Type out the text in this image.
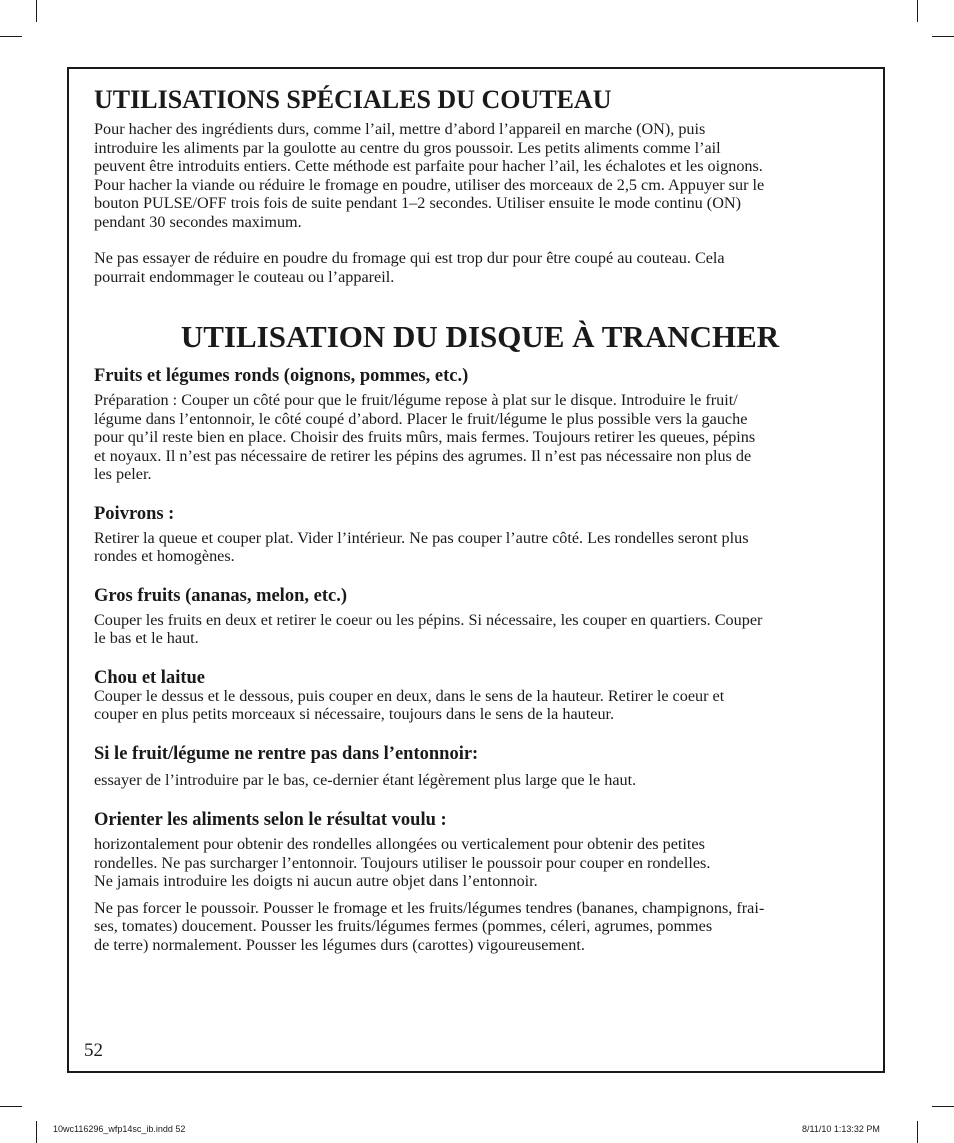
UTILISATIONS SPÉCIALES DU COUTEAU

Pour hacher des ingrédients durs, comme l’ail, mettre d’abord l’appareil en marche (ON), puis
introduire les aliments par la goulotte au centre du gros poussoir. Les petits aliments comme l’ail
peuvent être introduits entiers. Cette méthode est parfaite pour hacher l’ail, les échalotes et les oignons.
Pour hacher la viande ou réduire le fromage en poudre, utiliser des morceaux de 2,5 cm. Appuyer sur le
bouton PULSE/OFF trois fois de suite pendant 1–2 secondes. Utiliser ensuite le mode continu (ON)
pendant 30 secondes maximum.

Ne pas essayer de réduire en poudre du fromage qui est trop dur pour être coupé au couteau. Cela
pourrait endommager le couteau ou l’appareil.

UTILISATION DU DISQUE À TRANCHER
Fruits et légumes ronds (oignons, pommes, etc.)

Préparation : Couper un côté pour que le fruit/légume repose à plat sur le disque. Introduire le fruit/
légume dans l’entonnoir, le côté coupé d’abord. Placer le fruit/légume le plus possible vers la gauche
pour qu’il reste bien en place. Choisir des fruits mûrs, mais fermes. Toujours retirer les queues, pépins
et noyaux. Il n’est pas nécessaire de retirer les pépins des agrumes. Il n’est pas nécessaire non plus de
les peler.

Poivrons :

Retirer la queue et couper plat. Vider l’intérieur. Ne pas couper l’autre côté. Les rondelles seront plus
rondes et homogènes.

Gros fruits (ananas, melon, etc.)

Couper les fruits en deux et retirer le coeur ou les pépins. Si nécessaire, les couper en quartiers. Couper
le bas et le haut.

Chou et laitue

Couper le dessus et le dessous, puis couper en deux, dans le sens de la hauteur. Retirer le coeur et
couper en plus petits morceaux si nécessaire, toujours dans le sens de la hauteur.

Si le fruit/légume ne rentre pas dans l’entonnoir:

essayer de l’introduire par le bas, ce-dernier étant légèrement plus large que le haut.

Orienter les aliments selon le résultat voulu :

horizontalement pour obtenir des rondelles allongées ou verticalement pour obtenir des petites
rondelles. Ne pas surcharger l’entonnoir. Toujours utiliser le poussoir pour couper en rondelles.
Ne jamais introduire les doigts ni aucun autre objet dans l’entonnoir.

Ne pas forcer le poussoir. Pousser le fromage et les fruits/légumes tendres (bananes, champignons, frai-
ses, tomates) doucement. Pousser les fruits/légumes fermes (pommes, céleri, agrumes, pommes
de terre) normalement. Pousser les légumes durs (carottes) vigoureusement.

52
10wc116296_wfp14sc_ib.indd 52	8/11/10 1:13:32 PM
